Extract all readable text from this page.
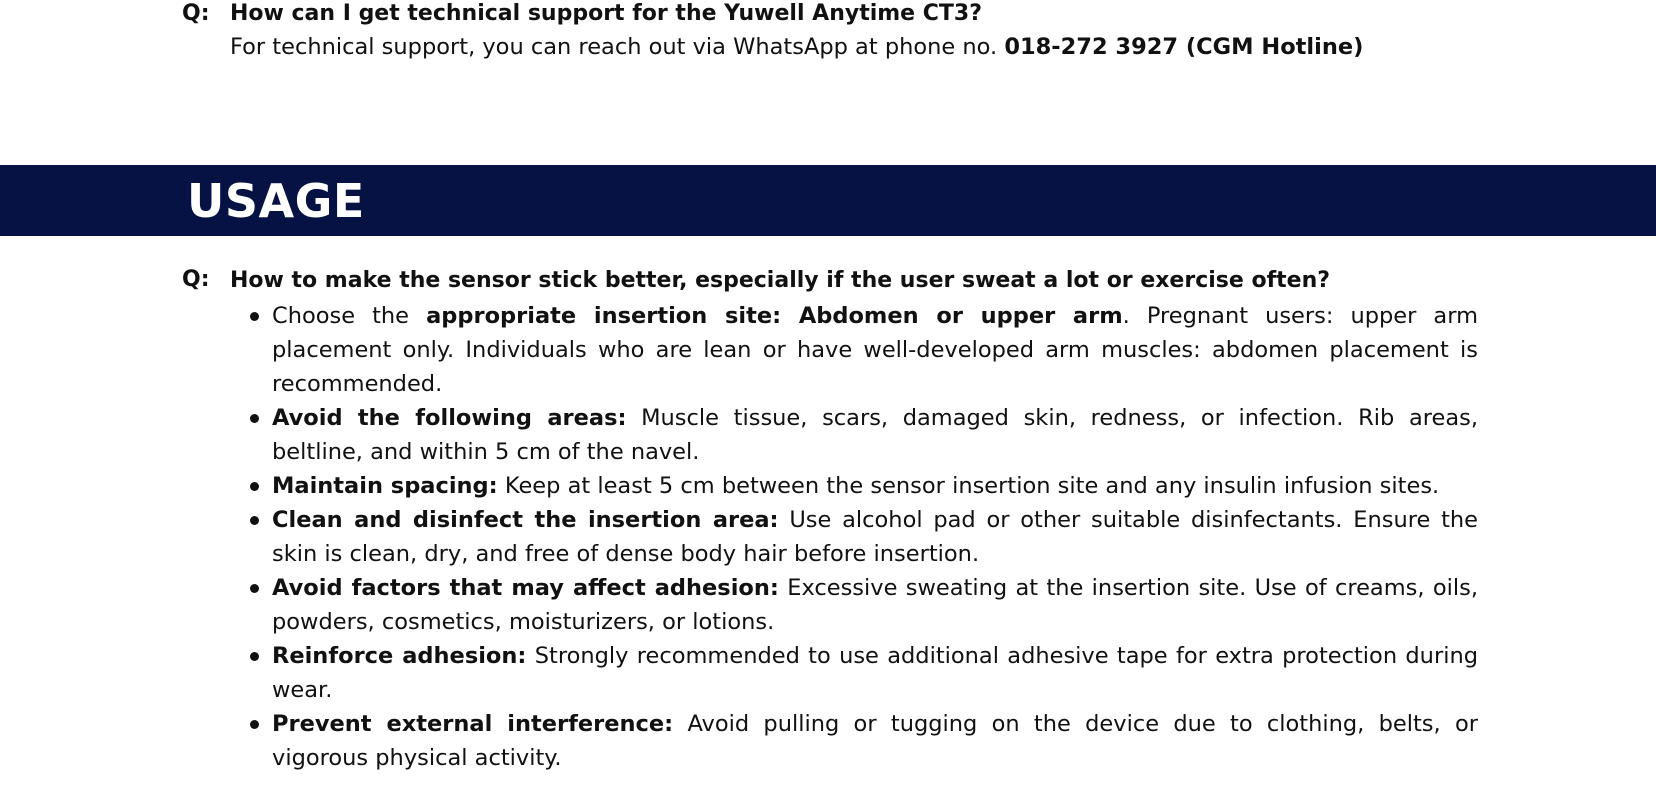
Q: How can I get technical support for the Yuwell Anytime CT3?
For technical support, you can reach out via WhatsApp at phone no. 018-272 3927 (CGM Hotline)
USAGE
Q: How to make the sensor stick better, especially if the user sweat a lot or exercise often?
Choose the appropriate insertion site: Abdomen or upper arm. Pregnant users: upper arm placement only. Individuals who are lean or have well-developed arm muscles: abdomen placement is recommended.
Avoid the following areas: Muscle tissue, scars, damaged skin, redness, or infection. Rib areas, beltline, and within 5 cm of the navel.
Maintain spacing: Keep at least 5 cm between the sensor insertion site and any insulin infusion sites.
Clean and disinfect the insertion area: Use alcohol pad or other suitable disinfectants. Ensure the skin is clean, dry, and free of dense body hair before insertion.
Avoid factors that may affect adhesion: Excessive sweating at the insertion site. Use of creams, oils, powders, cosmetics, moisturizers, or lotions.
Reinforce adhesion: Strongly recommended to use additional adhesive tape for extra protection during wear.
Prevent external interference: Avoid pulling or tugging on the device due to clothing, belts, or vigorous physical activity.
